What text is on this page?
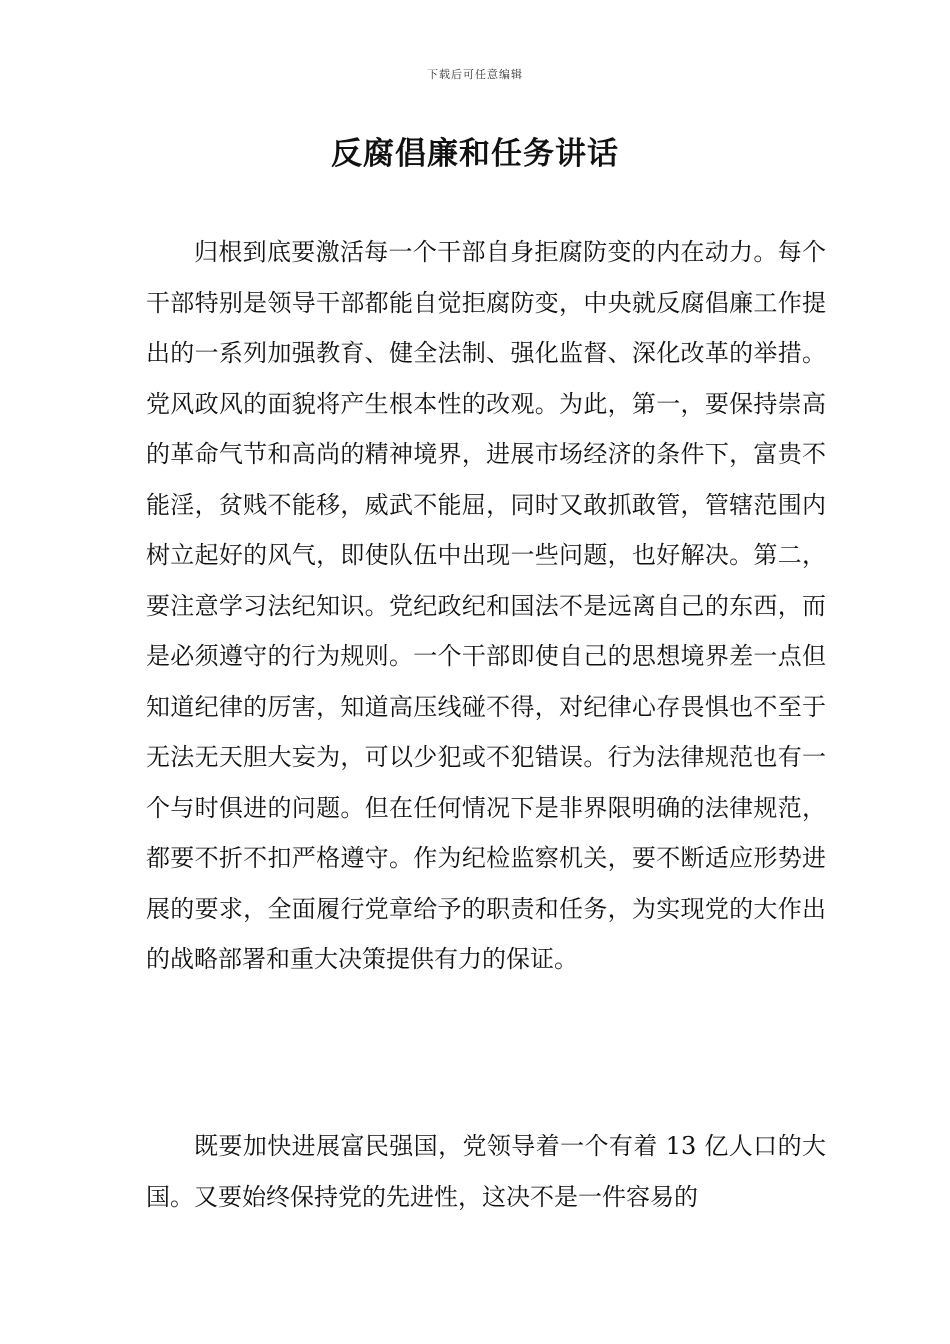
下载后可任意编辑
反腐倡廉和任务讲话

归根到底要激活每一个干部自身拒腐防变的内在动力。每个干部特别是领导干部都能自觉拒腐防变，中央就反腐倡廉工作提出的一系列加强教育、健全法制、强化监督、深化改革的举措。党风政风的面貌将产生根本性的改观。为此，第一，要保持崇高的革命气节和高尚的精神境界，进展市场经济的条件下，富贵不能淫，贫贱不能移，威武不能屈，同时又敢抓敢管，管辖范围内树立起好的风气，即使队伍中出现一些问题，也好解决。第二，要注意学习法纪知识。党纪政纪和国法不是远离自己的东西，而是必须遵守的行为规则。一个干部即使自己的思想境界差一点但知道纪律的厉害，知道高压线碰不得，对纪律心存畏惧也不至于无法无天胆大妄为，可以少犯或不犯错误。行为法律规范也有一个与时俱进的问题。但在任何情况下是非界限明确的法律规范，都要不折不扣严格遵守。作为纪检监察机关，要不断适应形势进展的要求，全面履行党章给予的职责和任务，为实现党的大作出的战略部署和重大决策提供有力的保证。

既要加快进展富民强国，党领导着一个有着 13 亿人口的大国。又要始终保持党的先进性，这决不是一件容易的
